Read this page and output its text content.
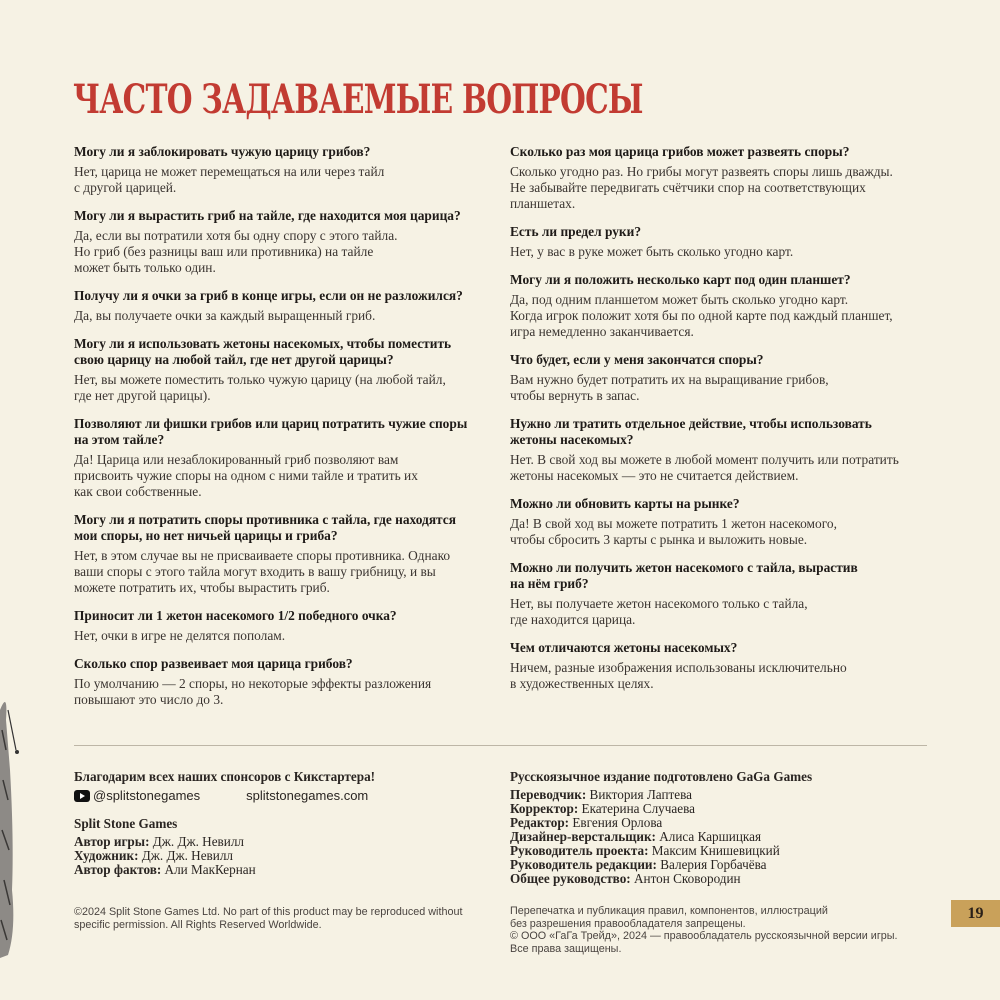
ЧАСТО ЗАДАВАЕМЫЕ ВОПРОСЫ
Могу ли я заблокировать чужую царицу грибов?
Нет, царица не может перемещаться на или через тайл
с другой царицей.
Могу ли я вырастить гриб на тайле, где находится моя царица?
Да, если вы потратили хотя бы одну спору с этого тайла.
Но гриб (без разницы ваш или противника) на тайле
может быть только один.
Получу ли я очки за гриб в конце игры, если он не разложился?
Да, вы получаете очки за каждый выращенный гриб.
Могу ли я использовать жетоны насекомых, чтобы поместить
свою царицу на любой тайл, где нет другой царицы?
Нет, вы можете поместить только чужую царицу (на любой тайл,
где нет другой царицы).
Позволяют ли фишки грибов или цариц потратить чужие споры
на этом тайле?
Да! Царица или незаблокированный гриб позволяют вам
присвоить чужие споры на одном с ними тайле и тратить их
как свои собственные.
Могу ли я потратить споры противника с тайла, где находятся
мои споры, но нет ничьей царицы и гриба?
Нет, в этом случае вы не присваиваете споры противника. Однако
ваши споры с этого тайла могут входить в вашу грибницу, и вы
можете потратить их, чтобы вырастить гриб.
Приносит ли 1 жетон насекомого 1/2 победного очка?
Нет, очки в игре не делятся пополам.
Сколько спор развеивает моя царица грибов?
По умолчанию — 2 споры, но некоторые эффекты разложения
повышают это число до 3.
Сколько раз моя царица грибов может развеять споры?
Сколько угодно раз. Но грибы могут развеять споры лишь дважды.
Не забывайте передвигать счётчики спор на соответствующих
планшетах.
Есть ли предел руки?
Нет, у вас в руке может быть сколько угодно карт.
Могу ли я положить несколько карт под один планшет?
Да, под одним планшетом может быть сколько угодно карт.
Когда игрок положит хотя бы по одной карте под каждый планшет,
игра немедленно заканчивается.
Что будет, если у меня закончатся споры?
Вам нужно будет потратить их на выращивание грибов,
чтобы вернуть в запас.
Нужно ли тратить отдельное действие, чтобы использовать
жетоны насекомых?
Нет. В свой ход вы можете в любой момент получить или потратить
жетоны насекомых — это не считается действием.
Можно ли обновить карты на рынке?
Да! В свой ход вы можете потратить 1 жетон насекомого,
чтобы сбросить 3 карты с рынка и выложить новые.
Можно ли получить жетон насекомого с тайла, вырастив
на нём гриб?
Нет, вы получаете жетон насекомого только с тайла,
где находится царица.
Чем отличаются жетоны насекомых?
Ничем, разные изображения использованы исключительно
в художественных целях.
Благодарим всех наших спонсоров с Кикстартера!
@splitstonegames	splitstonegames.com
Split Stone Games
Автор игры: Дж. Дж. Невилл
Художник: Дж. Дж. Невилл
Автор фактов: Али МакКернан
©2024 Split Stone Games Ltd. No part of this product may be reproduced without
specific permission. All Rights Reserved Worldwide.
Русскоязычное издание подготовлено GaGa Games
Переводчик: Виктория Лаптева
Корректор: Екатерина Случаева
Редактор: Евгения Орлова
Дизайнер-верстальщик: Алиса Каршицкая
Руководитель проекта: Максим Книшевицкий
Руководитель редакции: Валерия Горбачёва
Общее руководство: Антон Сковородин
Перепечатка и публикация правил, компонентов, иллюстраций
без разрешения правообладателя запрещены.
© ООО «ГаГа Трейд», 2024 — правообладатель русскоязычной версии игры.
Все права защищены.
19
